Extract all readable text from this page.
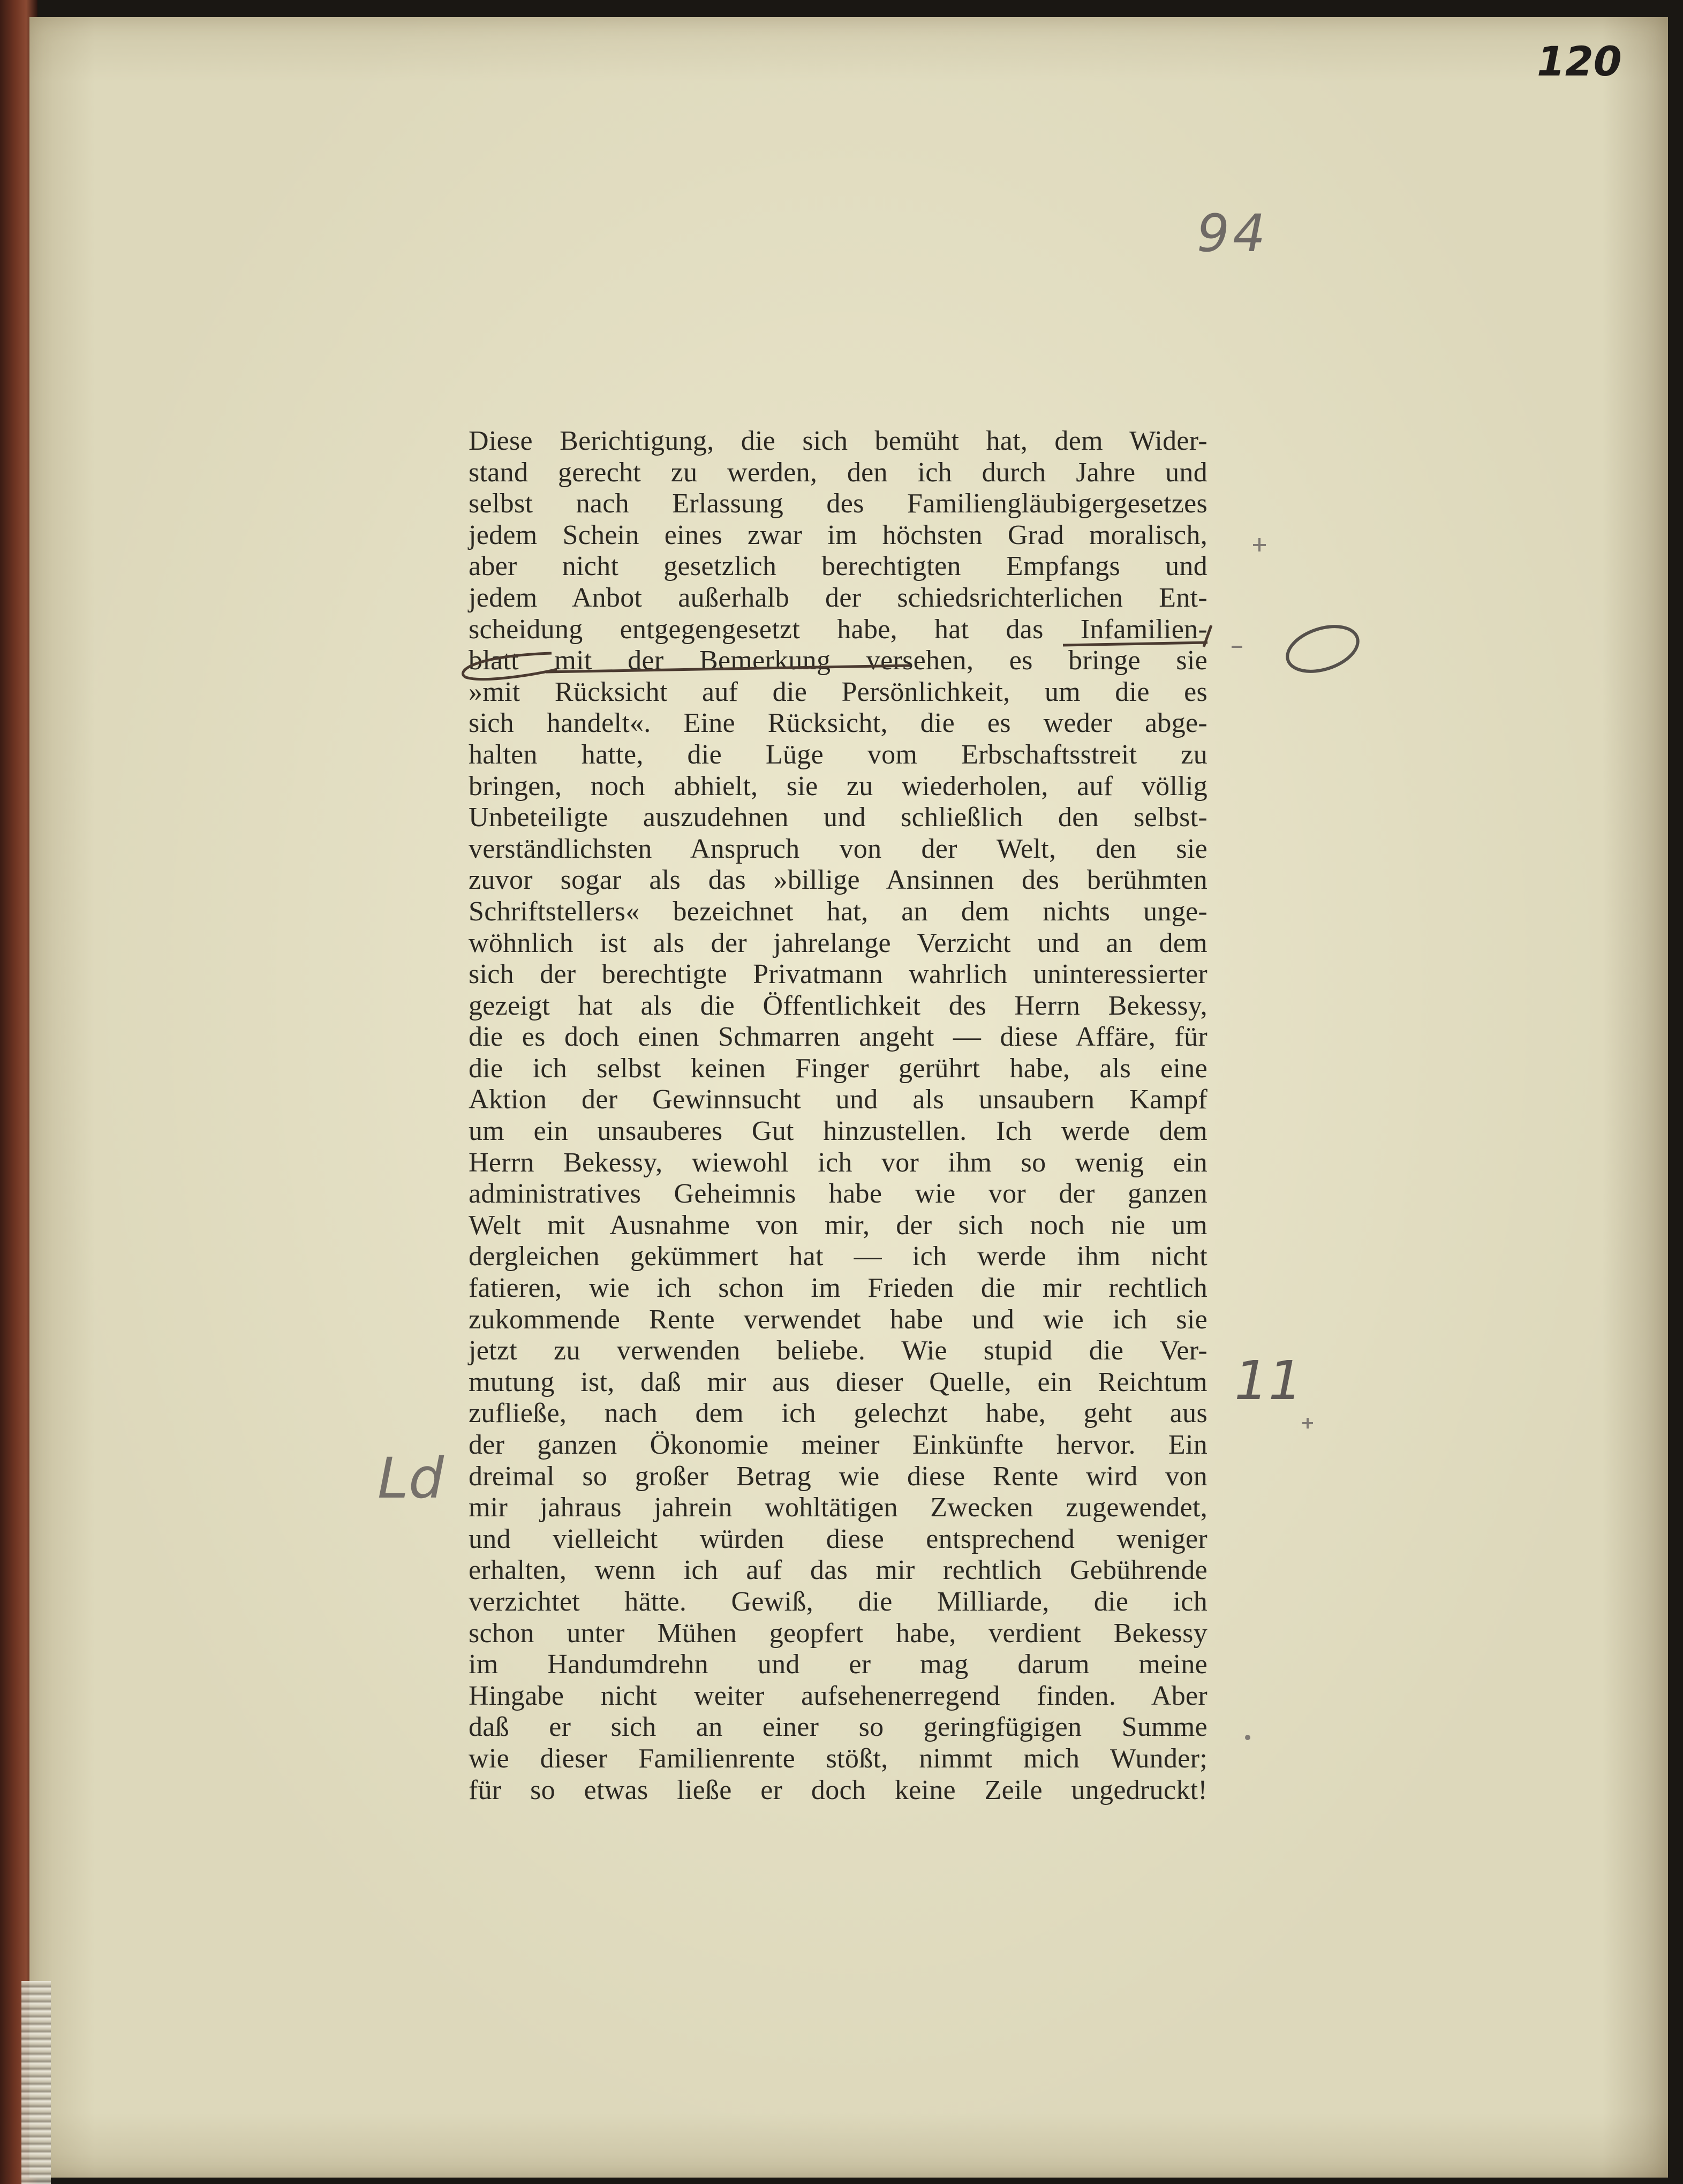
120
94
11
Ld
Diese Berichtigung, die sich bemüht hat, dem Wider-
stand gerecht zu werden, den ich durch Jahre und
selbst nach Erlassung des Familiengläubigergesetzes
jedem Schein eines zwar im höchsten Grad moralisch,
aber nicht gesetzlich berechtigten Empfangs und
jedem Anbot außerhalb der schiedsrichterlichen Ent-
scheidung entgegengesetzt habe, hat das Infamilien-
blatt mit der Bemerkung versehen, es bringe sie
»mit Rücksicht auf die Persönlichkeit, um die es
sich handelt«. Eine Rücksicht, die es weder abge-
halten hatte, die Lüge vom Erbschaftsstreit zu
bringen, noch abhielt, sie zu wiederholen, auf völlig
Unbeteiligte auszudehnen und schließlich den selbst-
verständlichsten Anspruch von der Welt, den sie
zuvor sogar als das »billige Ansinnen des berühmten
Schriftstellers« bezeichnet hat, an dem nichts unge-
wöhnlich ist als der jahrelange Verzicht und an dem
sich der berechtigte Privatmann wahrlich uninteressierter
gezeigt hat als die Öffentlichkeit des Herrn Bekessy,
die es doch einen Schmarren angeht — diese Affäre, für
die ich selbst keinen Finger gerührt habe, als eine
Aktion der Gewinnsucht und als unsaubern Kampf
um ein unsauberes Gut hinzustellen. Ich werde dem
Herrn Bekessy, wiewohl ich vor ihm so wenig ein
administratives Geheimnis habe wie vor der ganzen
Welt mit Ausnahme von mir, der sich noch nie um
dergleichen gekümmert hat — ich werde ihm nicht
fatieren, wie ich schon im Frieden die mir rechtlich
zukommende Rente verwendet habe und wie ich sie
jetzt zu verwenden beliebe. Wie stupid die Ver-
mutung ist, daß mir aus dieser Quelle, ein Reichtum
zufließe, nach dem ich gelechzt habe, geht aus
der ganzen Ökonomie meiner Einkünfte hervor. Ein
dreimal so großer Betrag wie diese Rente wird von
mir jahraus jahrein wohltätigen Zwecken zugewendet,
und vielleicht würden diese entsprechend weniger
erhalten, wenn ich auf das mir rechtlich Gebührende
verzichtet hätte. Gewiß, die Milliarde, die ich
schon unter Mühen geopfert habe, verdient Bekessy
im Handumdrehn und er mag darum meine
Hingabe nicht weiter aufsehenerregend finden. Aber
daß er sich an einer so geringfügigen Summe
wie dieser Familienrente stößt, nimmt mich Wunder;
für so etwas ließe er doch keine Zeile ungedruckt!
